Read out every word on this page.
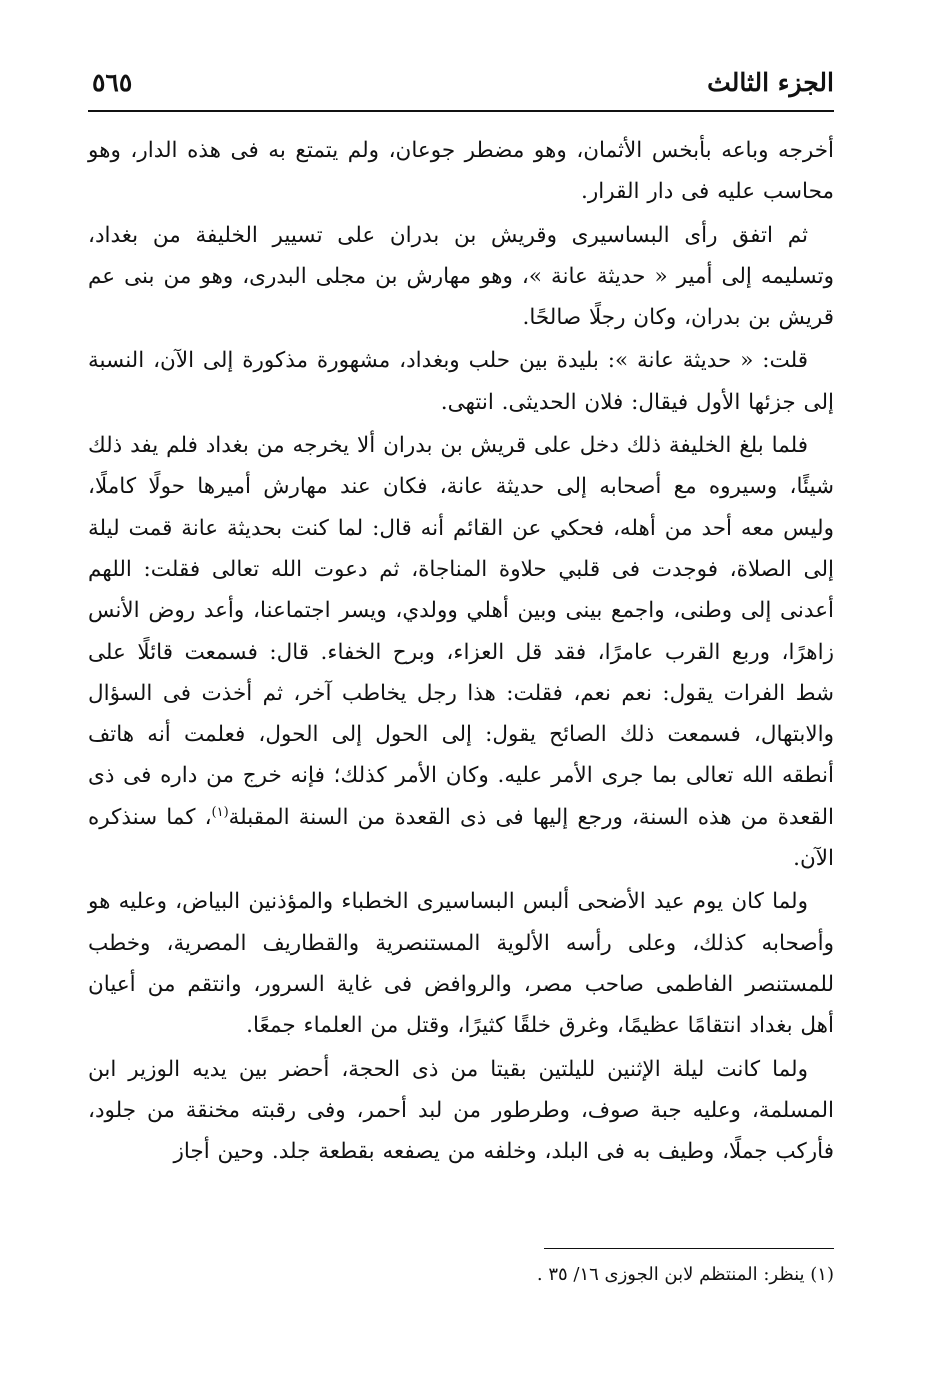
الجزء الثالث
٥٦٥

أخرجه وباعه بأبخس الأثمان، وهو مضطر جوعان، ولم يتمتع به فى هذه الدار، وهو محاسب عليه فى دار القرار.

ثم اتفق رأى البساسيرى وقريش بن بدران على تسيير الخليفة من بغداد، وتسليمه إلى أمير « حديثة عانة »، وهو مهارش بن مجلى البدرى، وهو من بنى عم قريش بن بدران، وكان رجلًا صالحًا.

قلت: « حديثة عانة »: بليدة بين حلب وبغداد، مشهورة مذكورة إلى الآن، النسبة إلى جزئها الأول فيقال: فلان الحديثى. انتهى.

فلما بلغ الخليفة ذلك دخل على قريش بن بدران ألا يخرجه من بغداد فلم يفد ذلك شيئًا، وسيروه مع أصحابه إلى حديثة عانة، فكان عند مهارش أميرها حولًا كاملًا، وليس معه أحد من أهله، فحكي عن القائم أنه قال: لما كنت بحديثة عانة قمت ليلة إلى الصلاة، فوجدت فى قلبي حلاوة المناجاة، ثم دعوت الله تعالى فقلت: اللهم أعدنى إلى وطنى، واجمع بينى وبين أهلي وولدي، ويسر اجتماعنا، وأعد روض الأنس زاهرًا، وربع القرب عامرًا، فقد قل العزاء، وبرح الخفاء. قال: فسمعت قائلًا على شط الفرات يقول: نعم نعم، فقلت: هذا رجل يخاطب آخر، ثم أخذت فى السؤال والابتهال، فسمعت ذلك الصائح يقول: إلى الحول إلى الحول، فعلمت أنه هاتف أنطقه الله تعالى بما جرى الأمر عليه. وكان الأمر كذلك؛ فإنه خرج من داره فى ذى القعدة من هذه السنة، ورجع إليها فى ذى القعدة من السنة المقبلة$^{(١)}$، كما سنذكره الآن.

ولما كان يوم عيد الأضحى ألبس البساسيرى الخطباء والمؤذنين البياض، وعليه هو وأصحابه كذلك، وعلى رأسه الألوية المستنصرية والقطاريف المصرية، وخطب للمستنصر الفاطمى صاحب مصر، والروافض فى غاية السرور، وانتقم من أعيان أهل بغداد انتقامًا عظيمًا، وغرق خلقًا كثيرًا، وقتل من العلماء جمعًا.

ولما كانت ليلة الإثنين لليلتين بقيتا من ذى الحجة، أحضر بين يديه الوزير ابن المسلمة، وعليه جبة صوف، وطرطور من لبد أحمر، وفى رقبته مخنقة من جلود، فأركب جملًا، وطيف به فى البلد، وخلفه من يصفعه بقطعة جلد. وحين أجاز

(١) ينظر: المنتظم لابن الجوزى ١٦/ ٣٥ .
